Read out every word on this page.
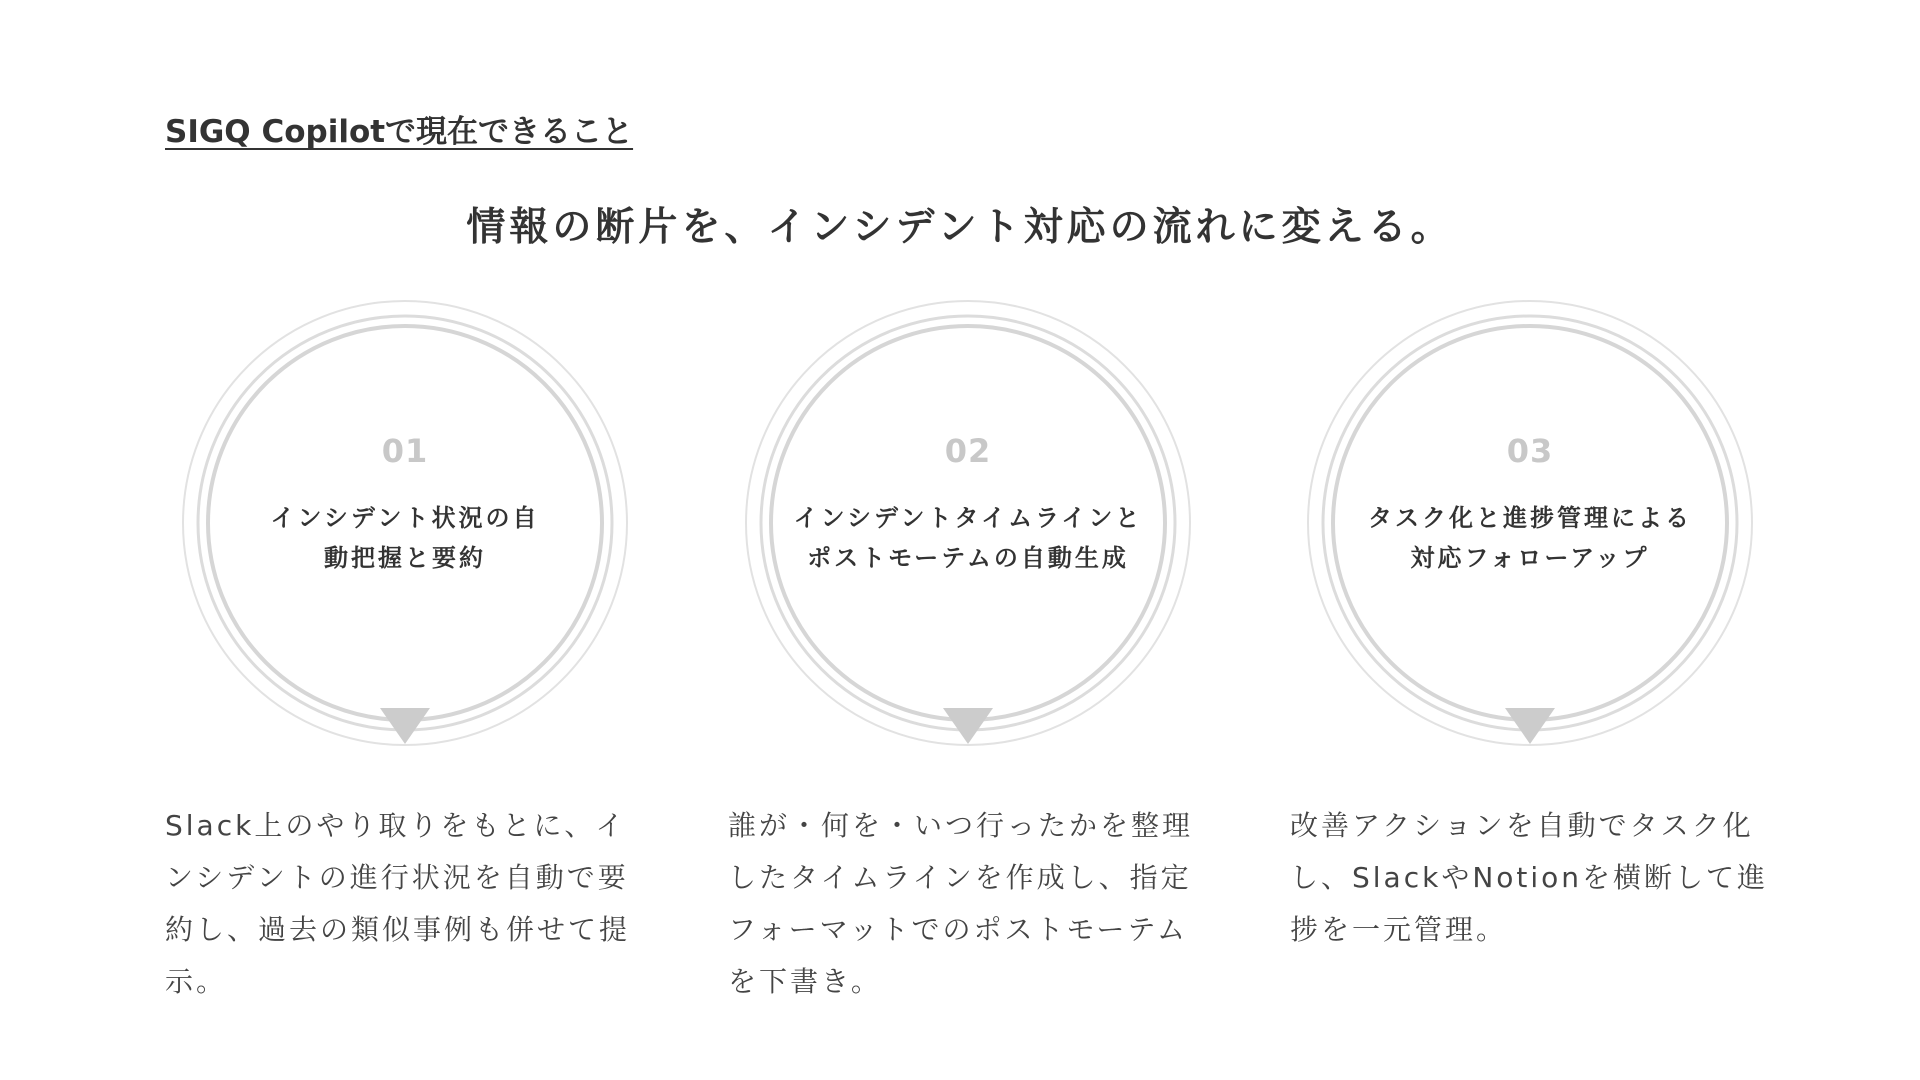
SIGQ Copilotで現在できること
情報の断片を、インシデント対応の流れに変える。
01
インシデント状況の自
動把握と要約
02
インシデントタイムラインと
ポストモーテムの自動生成
03
タスク化と進捗管理による
対応フォローアップ
Slack上のやり取りをもとに、インシデントの進行状況を自動で要約し、過去の類似事例も併せて提示。
誰が・何を・いつ行ったかを整理したタイムラインを作成し、指定フォーマットでのポストモーテムを下書き。
改善アクションを自動でタスク化し、SlackやNotionを横断して進捗を一元管理。
